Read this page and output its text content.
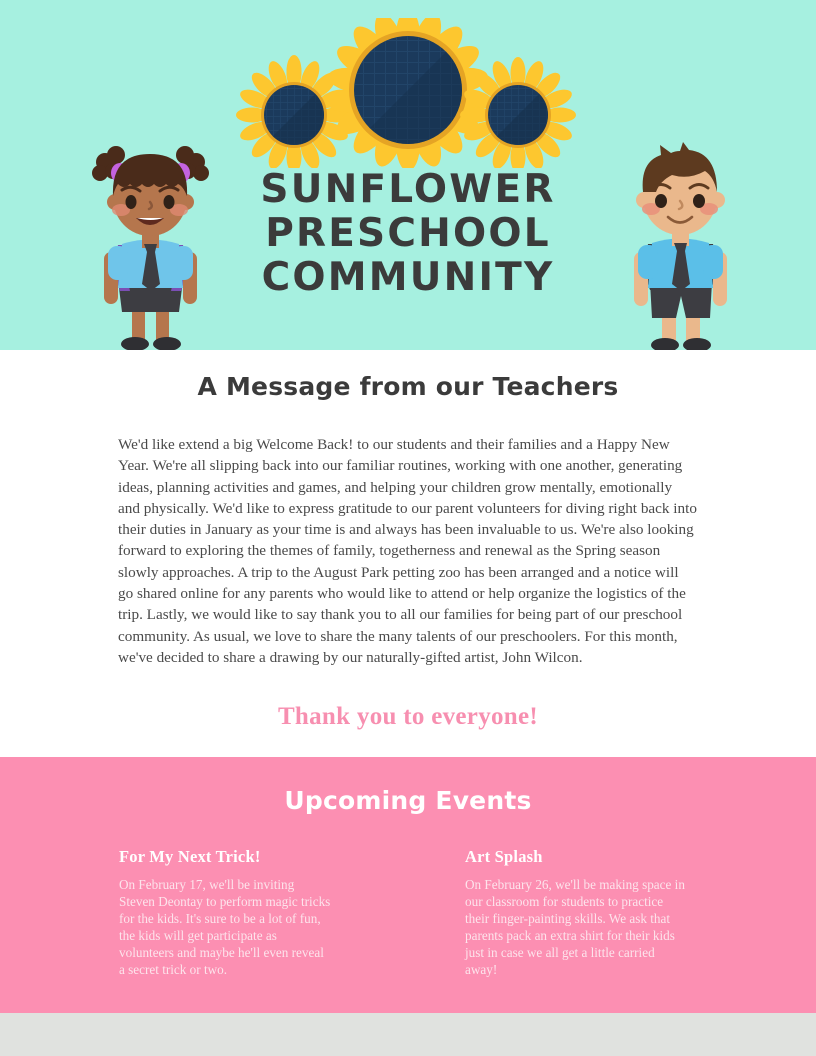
SUNFLOWER
PRESCHOOL
COMMUNITY
A Message from our Teachers

We'd like extend a big Welcome Back! to our students and their families and a Happy New Year. We're all slipping back into our familiar routines, working with one another, generating ideas, planning activities and games, and helping your children grow mentally, emotionally and physically. We'd like to express gratitude to our parent volunteers for diving right back into their duties in January as your time is and always has been invaluable to us. We're also looking forward to exploring the themes of family, togetherness and renewal as the Spring season slowly approaches. A trip to the August Park petting zoo has been arranged and a notice will go shared online for any parents who would like to attend or help organize the logistics of the trip. Lastly, we would like to say thank you to all our families for being part of our preschool community. As usual, we love to share the many talents of our preschoolers. For this month, we've decided to share a drawing by our naturally-gifted artist, John Wilcon.

Thank you to everyone!

Upcoming Events
For My Next Trick!
On February 17, we'll be inviting Steven Deontay to perform magic tricks for the kids. It's sure to be a lot of fun, the kids will get participate as volunteers and maybe he'll even reveal a secret trick or two.
Art Splash
On February 26, we'll be making space in our classroom for students to practice their finger-painting skills. We ask that parents pack an extra shirt for their kids just in case we all get a little carried away!
